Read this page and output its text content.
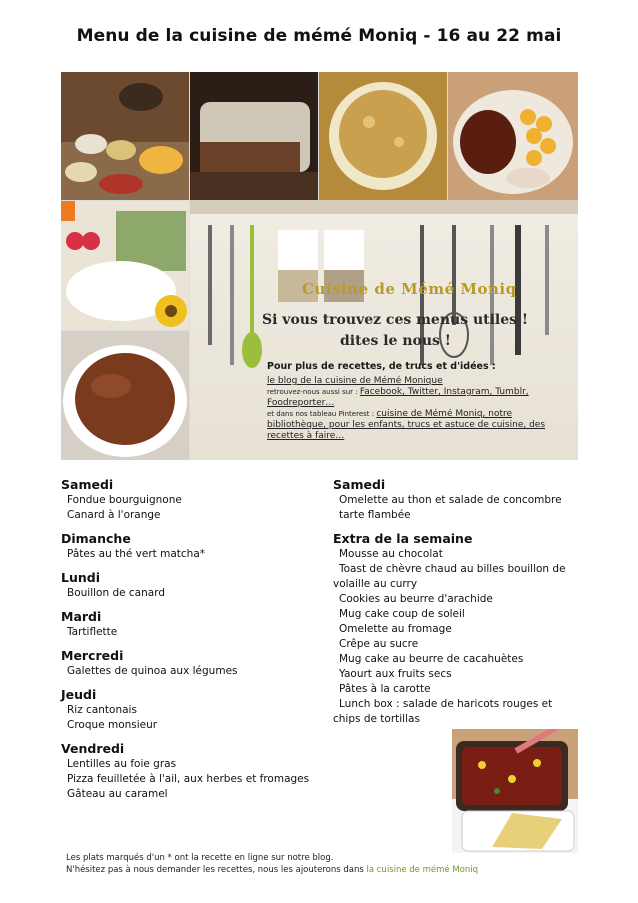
Menu de la cuisine de mémé Moniq - 16 au 22 mai
Cuisine de Mémé Moniq
Si vous trouvez ces menus utiles !
dites le nous !
Pour plus de recettes, de trucs et d'idées :
le blog de la cuisine de Mémé Monique
retrouvez-nous aussi sur : Facebook, Twitter, Instagram, Tumblr, Foodreporter…
et dans nos tableau Pinterest : cuisine de Mémé Moniq, notre bibliothèque, pour les enfants, trucs et astuce de cuisine, des recettes à faire…
Samedi
Fondue bourguignone
Canard à l'orange
Dimanche
Pâtes au thé vert matcha*
Lundi
Bouillon de canard
Mardi
Tartiflette
Mercredi
Galettes de quinoa aux légumes
Jeudi
Riz cantonais
Croque monsieur
Vendredi
Lentilles au foie gras
Pizza feuilletée à l'ail, aux herbes et fromages
Gâteau au caramel
Samedi
Omelette au thon et salade de concombre
tarte flambée
Extra de la semaine
Mousse au chocolat
Toast de chèvre chaud au billes bouillon de volaille au curry
Cookies au beurre d'arachide
Mug cake coup de soleil
Omelette au fromage
Crêpe au sucre
Mug cake au beurre de cacahuètes
Yaourt aux fruits secs
Pâtes à la carotte
Lunch box : salade de haricots rouges et chips de tortillas
Les plats marqués d'un * ont la recette en ligne sur notre blog.
N'hésitez pas à nous demander les recettes, nous les ajouterons dans la cuisine de mémé Moniq
